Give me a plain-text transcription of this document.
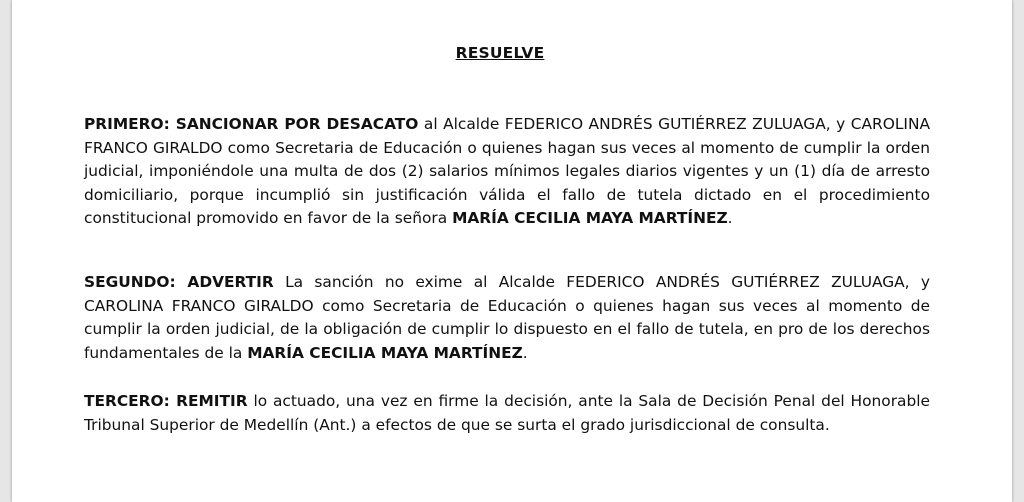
RESUELVE

PRIMERO: SANCIONAR POR DESACATO al Alcalde FEDERICO ANDRÉS GUTIÉRREZ ZULUAGA, y CAROLINA FRANCO GIRALDO como Secretaria de Educación o quienes hagan sus veces al momento de cumplir la orden judicial, imponiéndole una multa de dos (2) salarios mínimos legales diarios vigentes y un (1) día de arresto domiciliario, porque incumplió sin justificación válida el fallo de tutela dictado en el procedimiento constitucional promovido en favor de la señora MARÍA CECILIA MAYA MARTÍNEZ.

SEGUNDO: ADVERTIR La sanción no exime al Alcalde FEDERICO ANDRÉS GUTIÉRREZ ZULUAGA, y CAROLINA FRANCO GIRALDO como Secretaria de Educación o quienes hagan sus veces al momento de cumplir la orden judicial, de la obligación de cumplir lo dispuesto en el fallo de tutela, en pro de los derechos fundamentales de la MARÍA CECILIA MAYA MARTÍNEZ.

TERCERO: REMITIR lo actuado, una vez en firme la decisión, ante la Sala de Decisión Penal del Honorable Tribunal Superior de Medellín (Ant.) a efectos de que se surta el grado jurisdiccional de consulta.
